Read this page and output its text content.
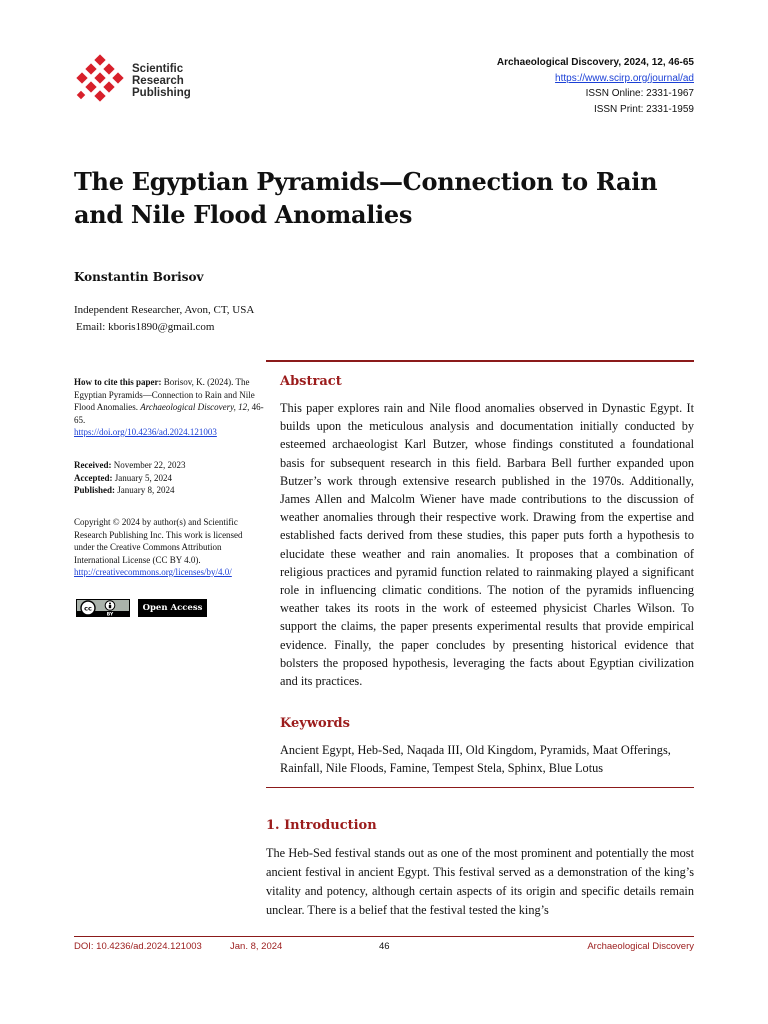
Scientific
Research
Publishing
Archaeological Discovery, 2024, 12, 46-65
https://www.scirp.org/journal/ad
ISSN Online: 2331-1967
ISSN Print: 2331-1959
The Egyptian Pyramids—Connection to Rain
and Nile Flood Anomalies
Konstantin Borisov
Independent Researcher, Avon, CT, USA
Email: kboris1890@gmail.com
How to cite this paper: Borisov, K. (2024). The Egyptian Pyramids—Connection to Rain and Nile Flood Anomalies. Archaeological Discovery, 12, 46-65.
https://doi.org/10.4236/ad.2024.121003
Received: November 22, 2023
Accepted: January 5, 2024
Published: January 8, 2024
Copyright © 2024 by author(s) and Scientific Research Publishing Inc. This work is licensed under the Creative Commons Attribution International License (CC BY 4.0).
http://creativecommons.org/licenses/by/4.0/
cc
BY
Open Access
Abstract
This paper explores rain and Nile flood anomalies observed in Dynastic Egypt. It builds upon the meticulous analysis and documentation initially conducted by esteemed archaeologist Karl Butzer, whose findings constituted a foundational basis for subsequent research in this field. Barbara Bell further expanded upon Butzer’s work through extensive research published in the 1970s. Additionally, James Allen and Malcolm Wiener have made contributions to the discussion of weather anomalies through their respective work. Drawing from the expertise and established facts derived from these studies, this paper puts forth a hypothesis to elucidate these weather and rain anomalies. It proposes that a combination of religious practices and pyramid function related to rainmaking played a significant role in influencing climatic conditions. The notion of the pyramids influencing weather takes its roots in the work of esteemed physicist Charles Wilson. To support the claims, the paper presents experimental results that provide empirical evidence. Finally, the paper concludes by presenting historical evidence that bolsters the proposed hypothesis, leveraging the facts about Egyptian civilization and its practices.
Keywords
Ancient Egypt, Heb-Sed, Naqada III, Old Kingdom, Pyramids, Maat Offerings, Rainfall, Nile Floods, Famine, Tempest Stela, Sphinx, Blue Lotus
1. Introduction
The Heb-Sed festival stands out as one of the most prominent and potentially the most ancient festival in ancient Egypt. This festival served as a demonstration of the king’s vitality and potency, although certain aspects of its origin and specific details remain unclear. There is a belief that the festival tested the king’s
DOI: 10.4236/ad.2024.121003	Jan. 8, 2024	46	Archaeological Discovery
